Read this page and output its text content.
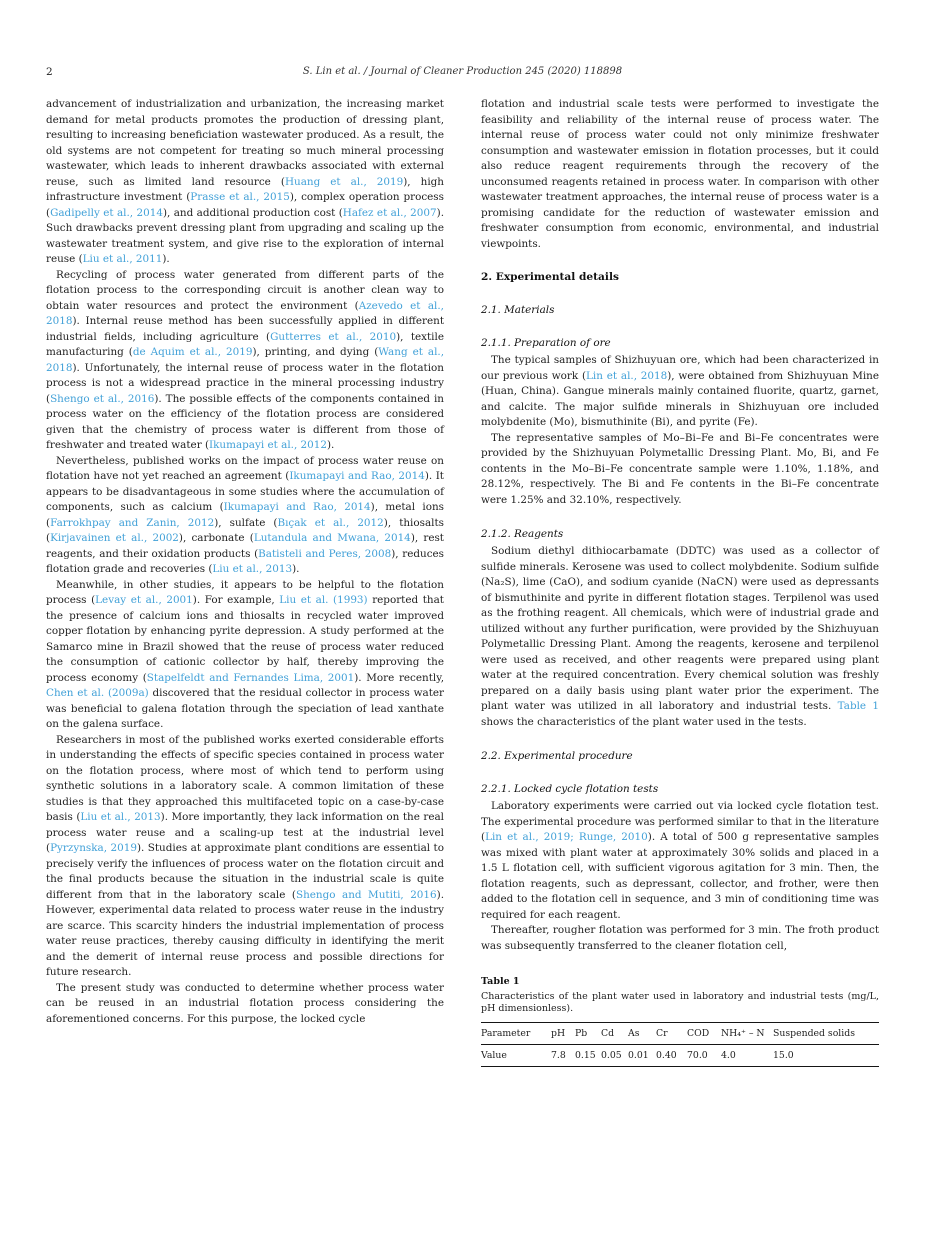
2	S. Lin et al. / Journal of Cleaner Production 245 (2020) 118898

advancement of industrialization and urbanization, the increasing market demand for metal products promotes the production of dressing plant, resulting to increasing beneficiation wastewater produced. As a result, the old systems are not competent for treating so much mineral processing wastewater, which leads to inherent drawbacks associated with external reuse, such as limited land resource (Huang et al., 2019), high infrastructure investment (Prasse et al., 2015), complex operation process (Gadipelly et al., 2014), and additional production cost (Hafez et al., 2007). Such drawbacks prevent dressing plant from upgrading and scaling up the wastewater treatment system, and give rise to the exploration of internal reuse (Liu et al., 2011).

Recycling of process water generated from different parts of the flotation process to the corresponding circuit is another clean way to obtain water resources and protect the environment (Azevedo et al., 2018). Internal reuse method has been successfully applied in different industrial fields, including agriculture (Gutterres et al., 2010), textile manufacturing (de Aquim et al., 2019), printing, and dying (Wang et al., 2018). Unfortunately, the internal reuse of process water in the flotation process is not a widespread practice in the mineral processing industry (Shengo et al., 2016). The possible effects of the components contained in process water on the efficiency of the flotation process are considered given that the chemistry of process water is different from those of freshwater and treated water (Ikumapayi et al., 2012).

Nevertheless, published works on the impact of process water reuse on flotation have not yet reached an agreement (Ikumapayi and Rao, 2014). It appears to be disadvantageous in some studies where the accumulation of components, such as calcium (Ikumapayi and Rao, 2014), metal ions (Farrokhpay and Zanin, 2012), sulfate (Bıçak et al., 2012), thiosalts (Kirjavainen et al., 2002), carbonate (Lutandula and Mwana, 2014), rest reagents, and their oxidation products (Batisteli and Peres, 2008), reduces flotation grade and recoveries (Liu et al., 2013).

Meanwhile, in other studies, it appears to be helpful to the flotation process (Levay et al., 2001). For example, Liu et al. (1993) reported that the presence of calcium ions and thiosalts in recycled water improved copper flotation by enhancing pyrite depression. A study performed at the Samarco mine in Brazil showed that the reuse of process water reduced the consumption of cationic collector by half, thereby improving the process economy (Stapelfeldt and Fernandes Lima, 2001). More recently, Chen et al. (2009a) discovered that the residual collector in process water was beneficial to galena flotation through the speciation of lead xanthate on the galena surface.

Researchers in most of the published works exerted considerable efforts in understanding the effects of specific species contained in process water on the flotation process, where most of which tend to perform using synthetic solutions in a laboratory scale. A common limitation of these studies is that they approached this multifaceted topic on a case-by-case basis (Liu et al., 2013). More importantly, they lack information on the real process water reuse and a scaling-up test at the industrial level (Pyrzynska, 2019). Studies at approximate plant conditions are essential to precisely verify the influences of process water on the flotation circuit and the final products because the situation in the industrial scale is quite different from that in the laboratory scale (Shengo and Mutiti, 2016). However, experimental data related to process water reuse in the industry are scarce. This scarcity hinders the industrial implementation of process water reuse practices, thereby causing difficulty in identifying the merit and the demerit of internal reuse process and possible directions for future research.

The present study was conducted to determine whether process water can be reused in an industrial flotation process considering the aforementioned concerns. For this purpose, the locked cycle

flotation and industrial scale tests were performed to investigate the feasibility and reliability of the internal reuse of process water. The internal reuse of process water could not only minimize freshwater consumption and wastewater emission in flotation processes, but it could also reduce reagent requirements through the recovery of the unconsumed reagents retained in process water. In comparison with other wastewater treatment approaches, the internal reuse of process water is a promising candidate for the reduction of wastewater emission and freshwater consumption from economic, environmental, and industrial viewpoints.

2. Experimental details
2.1. Materials
2.1.1. Preparation of ore

The typical samples of Shizhuyuan ore, which had been characterized in our previous work (Lin et al., 2018), were obtained from Shizhuyuan Mine (Huan, China). Gangue minerals mainly contained fluorite, quartz, garnet, and calcite. The major sulfide minerals in Shizhuyuan ore included molybdenite (Mo), bismuthinite (Bi), and pyrite (Fe).

The representative samples of Mo–Bi–Fe and Bi–Fe concentrates were provided by the Shizhuyuan Polymetallic Dressing Plant. Mo, Bi, and Fe contents in the Mo–Bi–Fe concentrate sample were 1.10%, 1.18%, and 28.12%, respectively. The Bi and Fe contents in the Bi–Fe concentrate were 1.25% and 32.10%, respectively.

2.1.2. Reagents

Sodium diethyl dithiocarbamate (DDTC) was used as a collector of sulfide minerals. Kerosene was used to collect molybdenite. Sodium sulfide (Na₂S), lime (CaO), and sodium cyanide (NaCN) were used as depressants of bismuthinite and pyrite in different flotation stages. Terpilenol was used as the frothing reagent. All chemicals, which were of industrial grade and utilized without any further purification, were provided by the Shizhuyuan Polymetallic Dressing Plant. Among the reagents, kerosene and terpilenol were used as received, and other reagents were prepared using plant water at the required concentration. Every chemical solution was freshly prepared on a daily basis using plant water prior the experiment. The plant water was utilized in all laboratory and industrial tests. Table 1 shows the characteristics of the plant water used in the tests.

2.2. Experimental procedure
2.2.1. Locked cycle flotation tests

Laboratory experiments were carried out via locked cycle flotation test. The experimental procedure was performed similar to that in the literature (Lin et al., 2019; Runge, 2010). A total of 500 g representative samples was mixed with plant water at approximately 30% solids and placed in a 1.5 L flotation cell, with sufficient vigorous agitation for 3 min. Then, the flotation reagents, such as depressant, collector, and frother, were then added to the flotation cell in sequence, and 3 min of conditioning time was required for each reagent.

Thereafter, rougher flotation was performed for 3 min. The froth product was subsequently transferred to the cleaner flotation cell,

Table 1
Characteristics of the plant water used in laboratory and industrial tests (mg/L, pH dimensionless).
Parameter	pH	Pb	Cd	As	Cr	COD	NH₄⁺ – N	Suspended solids
Value	7.8	0.15	0.05	0.01	0.40	70.0	4.0	15.0
